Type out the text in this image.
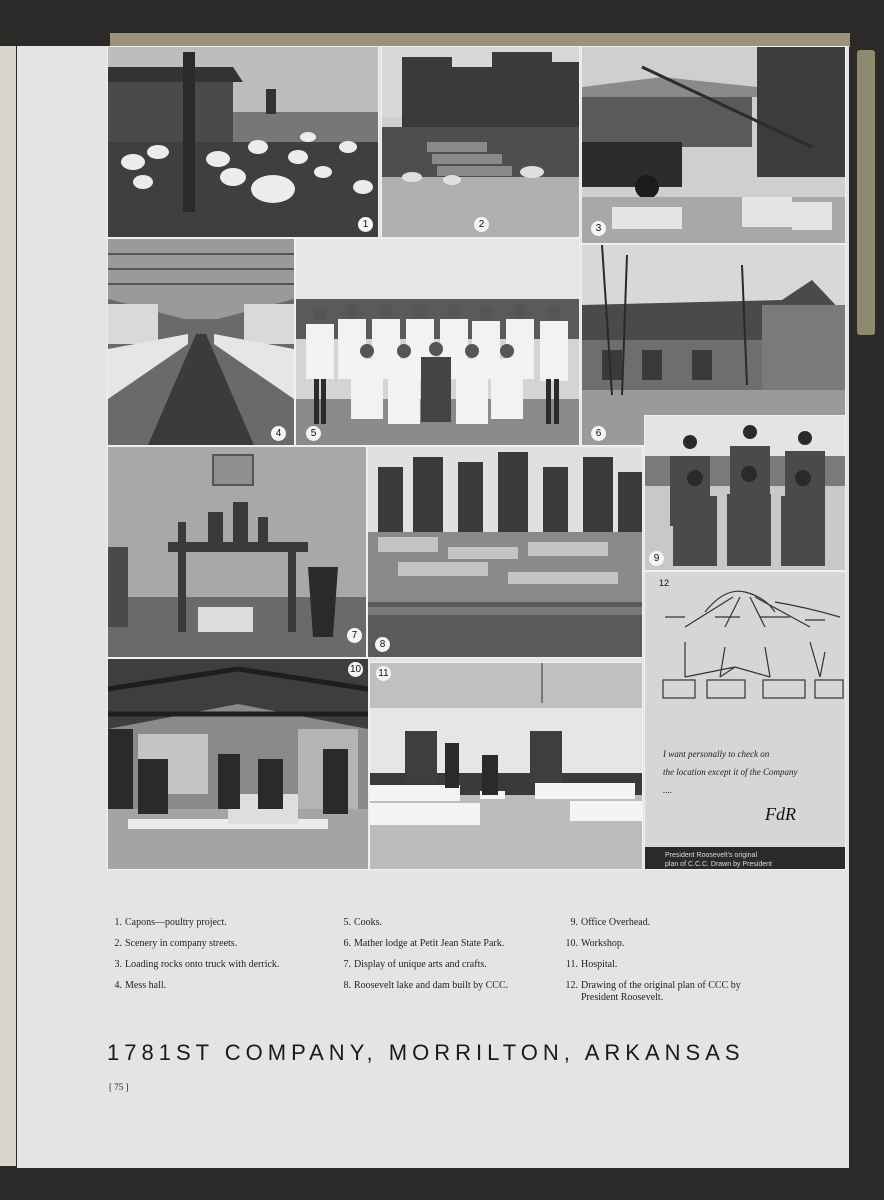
1	2	3
4	5	6
9
7
8
12
I want personally to check on
the location except it of the Company
....
FdR
President Roosevelt's original
plan of C.C.C. Drawn by President
10 11
1. Capons—poultry project.
2. Scenery in company streets.
3. Loading rocks onto truck with derrick.
4. Mess hall.
5. Cooks.
6. Mather lodge at Petit Jean State Park.
7. Display of unique arts and crafts.
8. Roosevelt lake and dam built by CCC.
9. Office Overhead.
10. Workshop.
11. Hospital.
12. Drawing of the original plan of CCC by President Roosevelt.
1781ST COMPANY, MORRILTON, ARKANSAS
[ 75 ]
